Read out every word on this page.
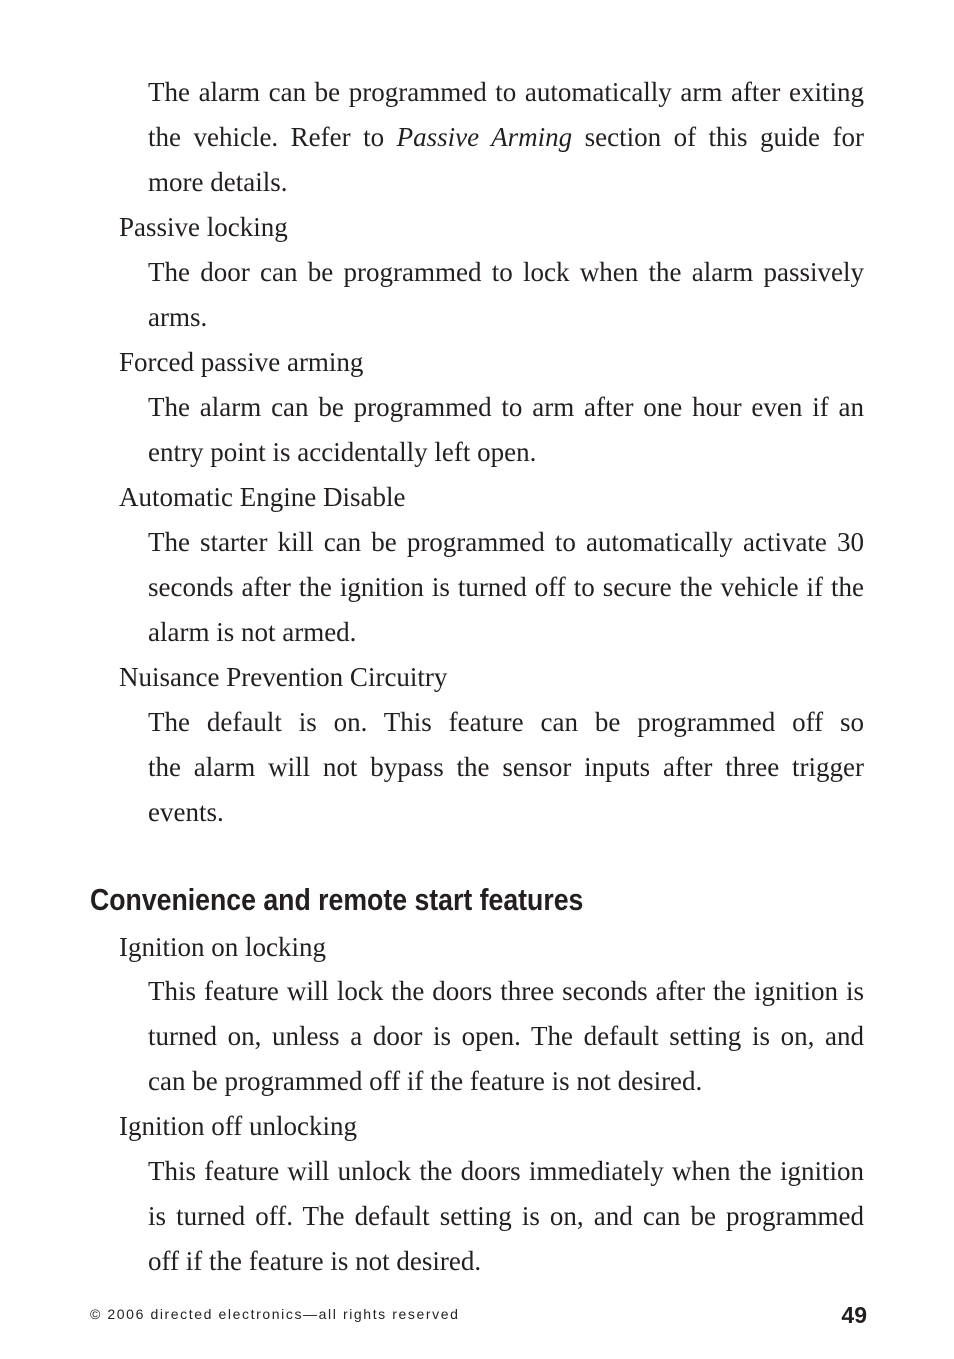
The alarm can be programmed to automatically arm after exiting
the vehicle. Refer to Passive Arming section of this guide for
more details.
Passive locking
The door can be programmed to lock when the alarm passively
arms.
Forced passive arming
The alarm can be programmed to arm after one hour even if an
entry point is accidentally left open.
Automatic Engine Disable
The starter kill can be programmed to automatically activate 30
seconds after the ignition is turned off to secure the vehicle if the
alarm is not armed.
Nuisance Prevention Circuitry
The default is on. This feature can be programmed off so
the alarm will not bypass the sensor inputs after three trigger
events.
Convenience and remote start features
Ignition on locking
This feature will lock the doors three seconds after the ignition is
turned on, unless a door is open. The default setting is on, and
can be programmed off if the feature is not desired.
Ignition off unlocking
This feature will unlock the doors immediately when the ignition
is turned off. The default setting is on, and can be programmed
off if the feature is not desired.
© 2006 directed electronics—all rights reserved	49
